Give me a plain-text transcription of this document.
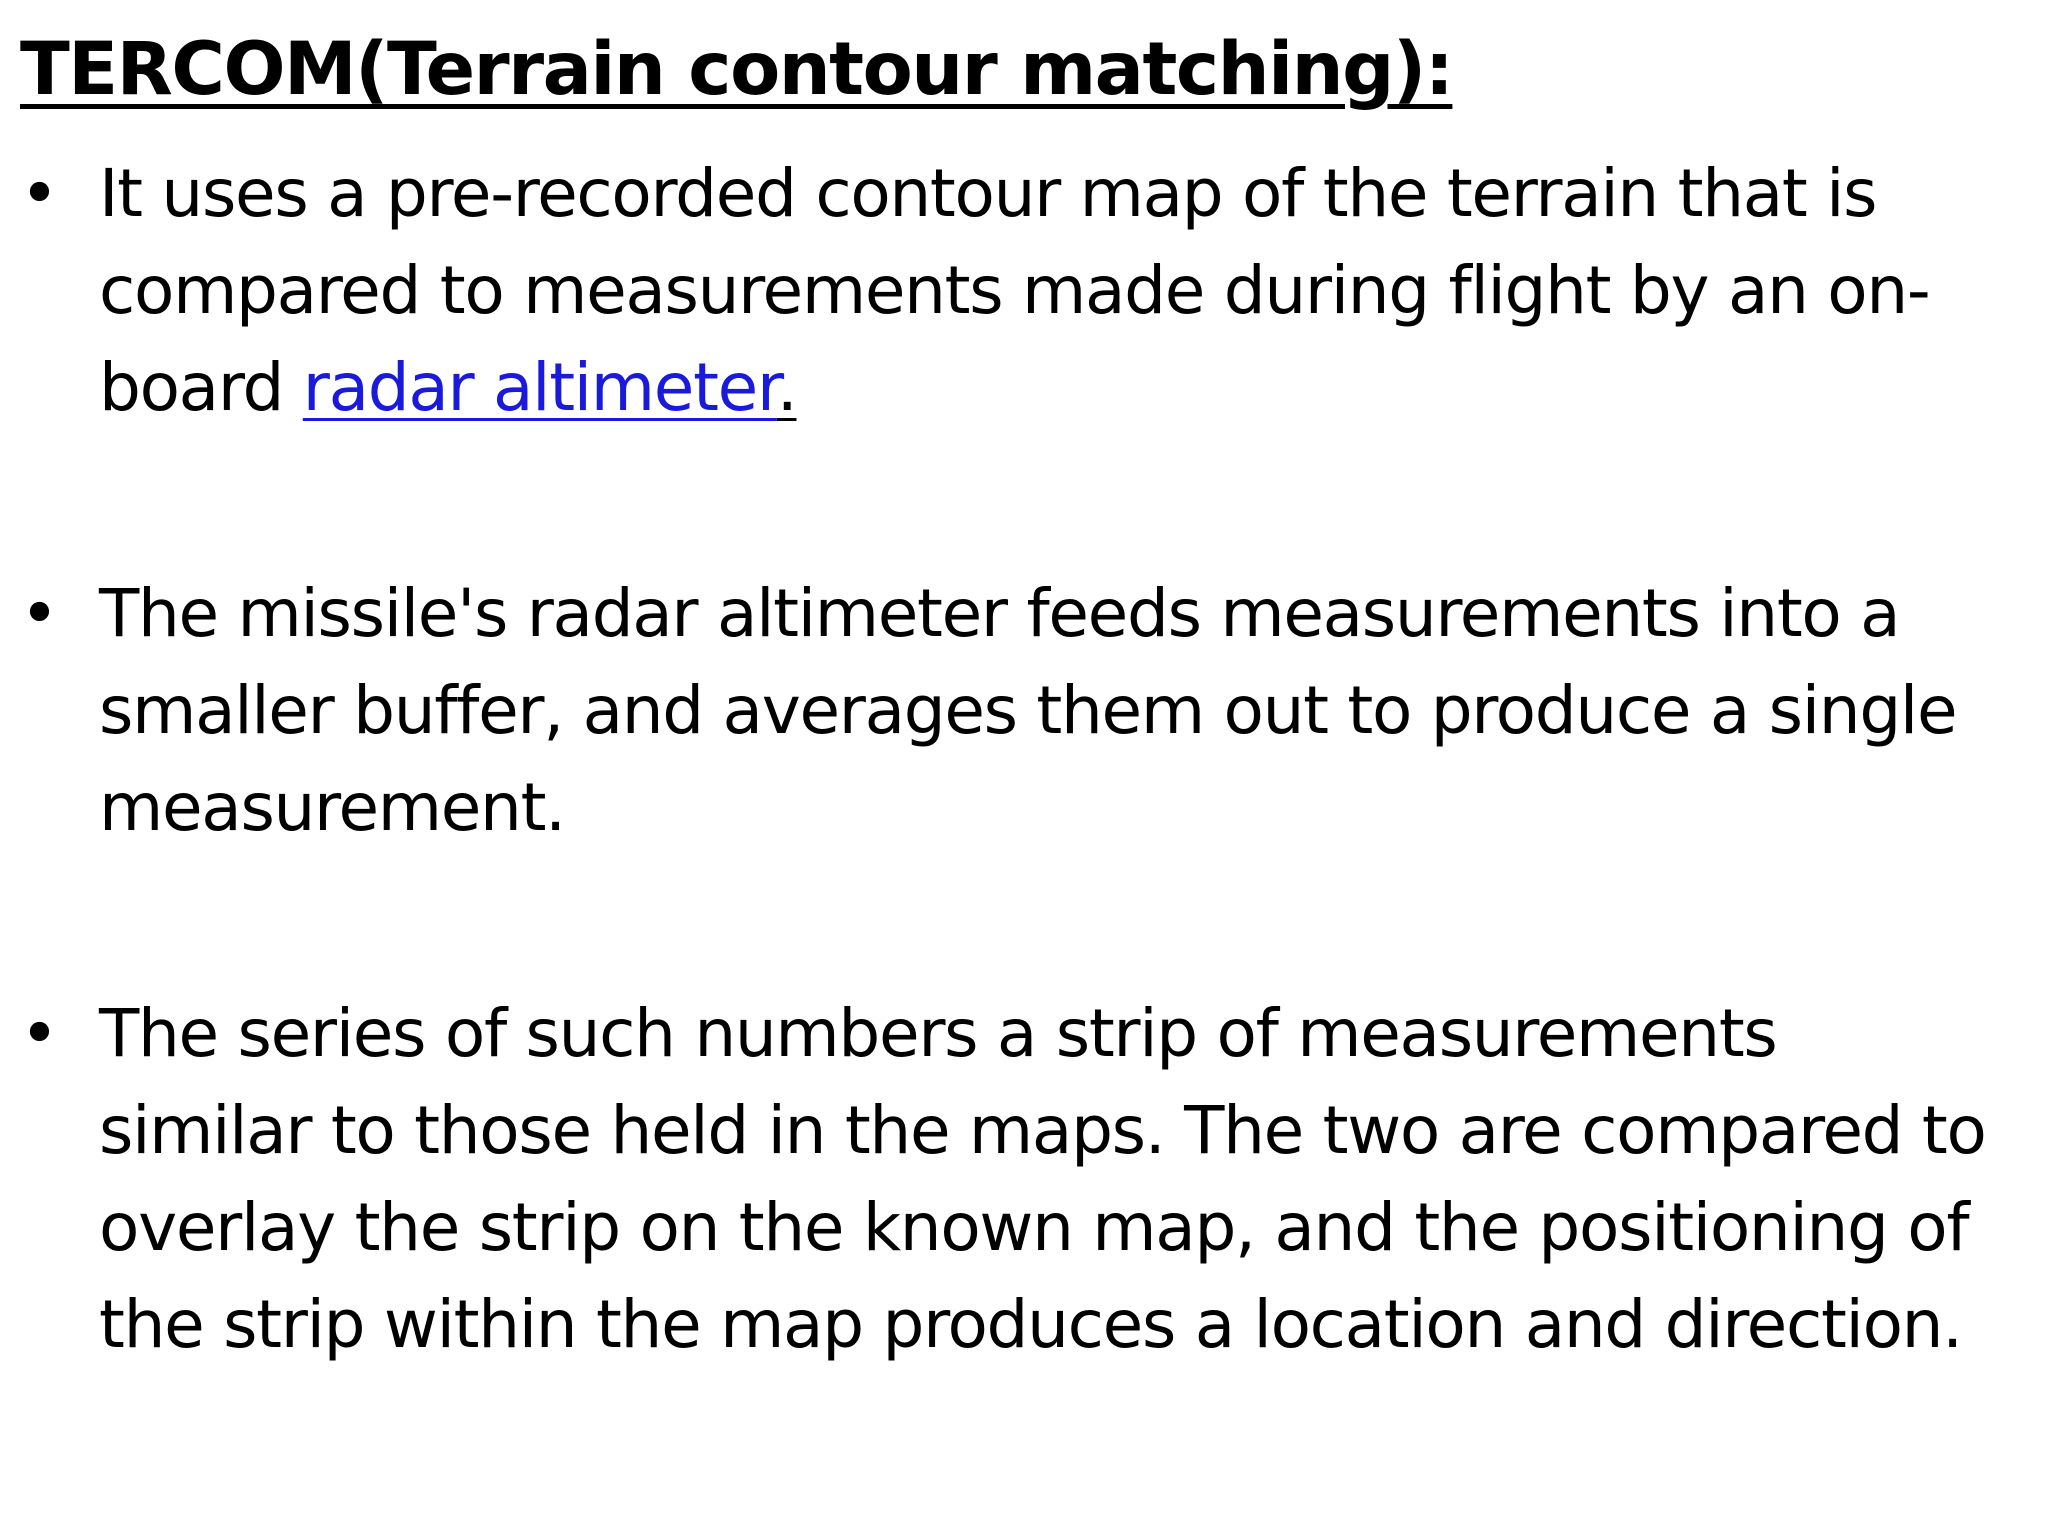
TERCOM(Terrain contour matching):
• It uses a pre-recorded contour map of the terrain that is
compared to measurements made during flight by an on-
board radar altimeter.

• The missile's radar altimeter feeds measurements into a
smaller buffer, and averages them out to produce a single
measurement.

• The series of such numbers a strip of measurements
similar to those held in the maps. The two are compared to
overlay the strip on the known map, and the positioning of
the strip within the map produces a location and direction.
